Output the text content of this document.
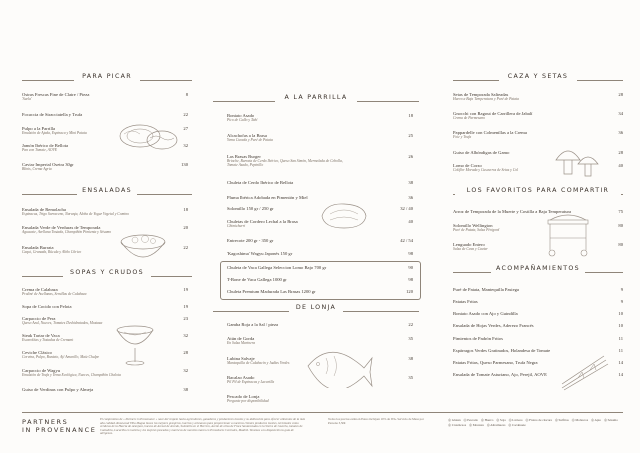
PARA PICAR
Ostras Frescas Fine de Claire / Pieza
'Suela'
8
Focaccia de Stracciatella y Trufa	22
Pulpo a la Parrilla
Emulsión de Ajada, Espinaca y Mini Patata
27
Jamón Ibérico de Bellota
Pan con Tomate, AOVE
32
Caviar Imperial Osetra 30gr
Blinis, Crema Agria
130
ENSALADAS
Ensalada de Remolacha
Espinacas, Trigo Sarraceno, Naranja, Aloha de Yogur Vegetal y Comino
18
Ensalada Verde de Verduras de Temporada
Aguacate, Avellana Tostada, Champiñón Pimienta y Sésamo
20
Ensalada Burrata
Caqui, Granada, Rúcula y Aliño Cítrico
22
SOPAS Y CRUDOS
Crema de Calabaza
Praliné de Avellanas, Semillas de Calabaza
19
Sopa de Cocido con Pelota	19
Carpaccio de Pera
Queso Azul, Nueces, Tomates Deshidratados, Mostaza
23
Steak Tartar de Vaca
Escarolitas y Tostadas de Cremant
32
Ceviche Clásico
Corvina, Pulpo, Boniato, Ají Amarillo, Maíz Chulpe
28
Carpaccio de Wagyu
Emulsión de Trufa y Yema Ecológica, Nueces, Champiñón Chalota
32
Guiso de Verdinas con Pulpo y Almeja	38
A LA PARRILLA
Boniato Asado
Pico de Gallo y Tahí
18
Alcachofas a la Brasa
Yema Curada y Puré de Patata
25
Las Brasas Burger
Brioche, Burrata de Cerdo Ibérico, Queso San Simón, Mermelada de Cebolla, Tomate Asado, Pepinillo
26
Chuleta de Cerdo Ibérico de Bellota	38
Pluma Ibérica Adobada en Pimentón y Miel	36
Solomillo 150 gr / 250 gr	32 / 40
Chuletas de Cordero Lechal a la Brasa
Chimichurri
40
Entrecote 200 gr - 350 gr	42 / 54
'Kagoshima' Wagyu Japonés 150 gr	98
Chuleta de Vaca Gallega Seleccion Lomo Bajo 700 gr	90
T-Bone de Vaca Gallega 1000 gr	98
Chuleta Premium Madurada Las Brasas 1200 gr	120
DE LONJA
Gamba Roja a la Sal / pieza	22
Atún de Gorda
En Salsa Marinera
35
Lubina Salvaje
Mantequilla de Calabacín y Judías Verdes
38
Bacalao Asado
Pil Pil de Espinacas y Lacarilla
35
Pescado de Lonja
Pregunte por disponibilidad
CAZA Y SETAS
Setas de Temporada Salteadas
Huevo a Baja Temperatura y Puré de Patata
28
Gnocchi con Ragout de Carrillera de Jabalí
Crema de Parmesano
34
Pappardelle con Colmenillas a la Crema
Foie y Trufa
36
Guiso de Albóndigas de Gamo	28
Lomo de Corzo
Coliflor Morada y Cuscurros de Setas y Col
40
LOS FAVORITOS PARA COMPARTIR
Arroz de Temporada de la Muerte y Costilla a Baja Temperatura	75
Solomillo Wellington
Puré de Patata, Salsa Périgord
80
Lenguado Entero
Salsa de Cava y Caviar
80
ACOMPAÑAMIENTOS
Puré de Patata, Mantequilla Pasiega	9
Patatas Fritas	9
Boniato Asado con Ajo y Guindilla	10
Ensalada de Hojas Verdes, Aderezo Francés	10
Pimientos de Padrón Fritos	11
Espárragos Verdes Gratinados, Holandesa de Tomate	11
Patatas Fritas, Queso Parmesano, Trufa Negra	14
Ensalada de Tomate Asturiano, Ajo, Perejil, AOVE	14
PARTNERS
IN PROVENANCE
El compromiso de « Partners in Provenance » nace del respeto hacia agricultores, ganaderos y productores locales y su dedicación para ofrecer alimentos de la más alta calidad. Rosewood Villa Magna busca los mejores granjeros, huertos y artesanos para proporcionar a nuestros clientes productos locales, terminales como verduras de la Huerta de Aranjuez, huevos de Arenal de Arcedo, Solomillo en el Herrero, Aceite de oliva de Finca Santarenada en la Sierra de Cazorla, tomates de Cantabria, Lacarilla en Galicia y los mejores pescados y mariscos de nuestros mares en Provedores Centrales, Madrid. Tenemos a tu disposición la guía de alérgenos.
Todos los precios están en Euros incluyen 10% de IVA. Servicio de Mesa por Persona 3,50€
◎ Gluten ◎ Pescado ◎ Huevo ◎ Soja ◎ Lácteos ◎ Frutos de cáscara ◎ Sulfitos ◎ Moluscos ◎ Apio ◎ Sésamo ◎ Crustáceos ◎ Mostaza ◎ Altramuces ◎ Cacahuete
